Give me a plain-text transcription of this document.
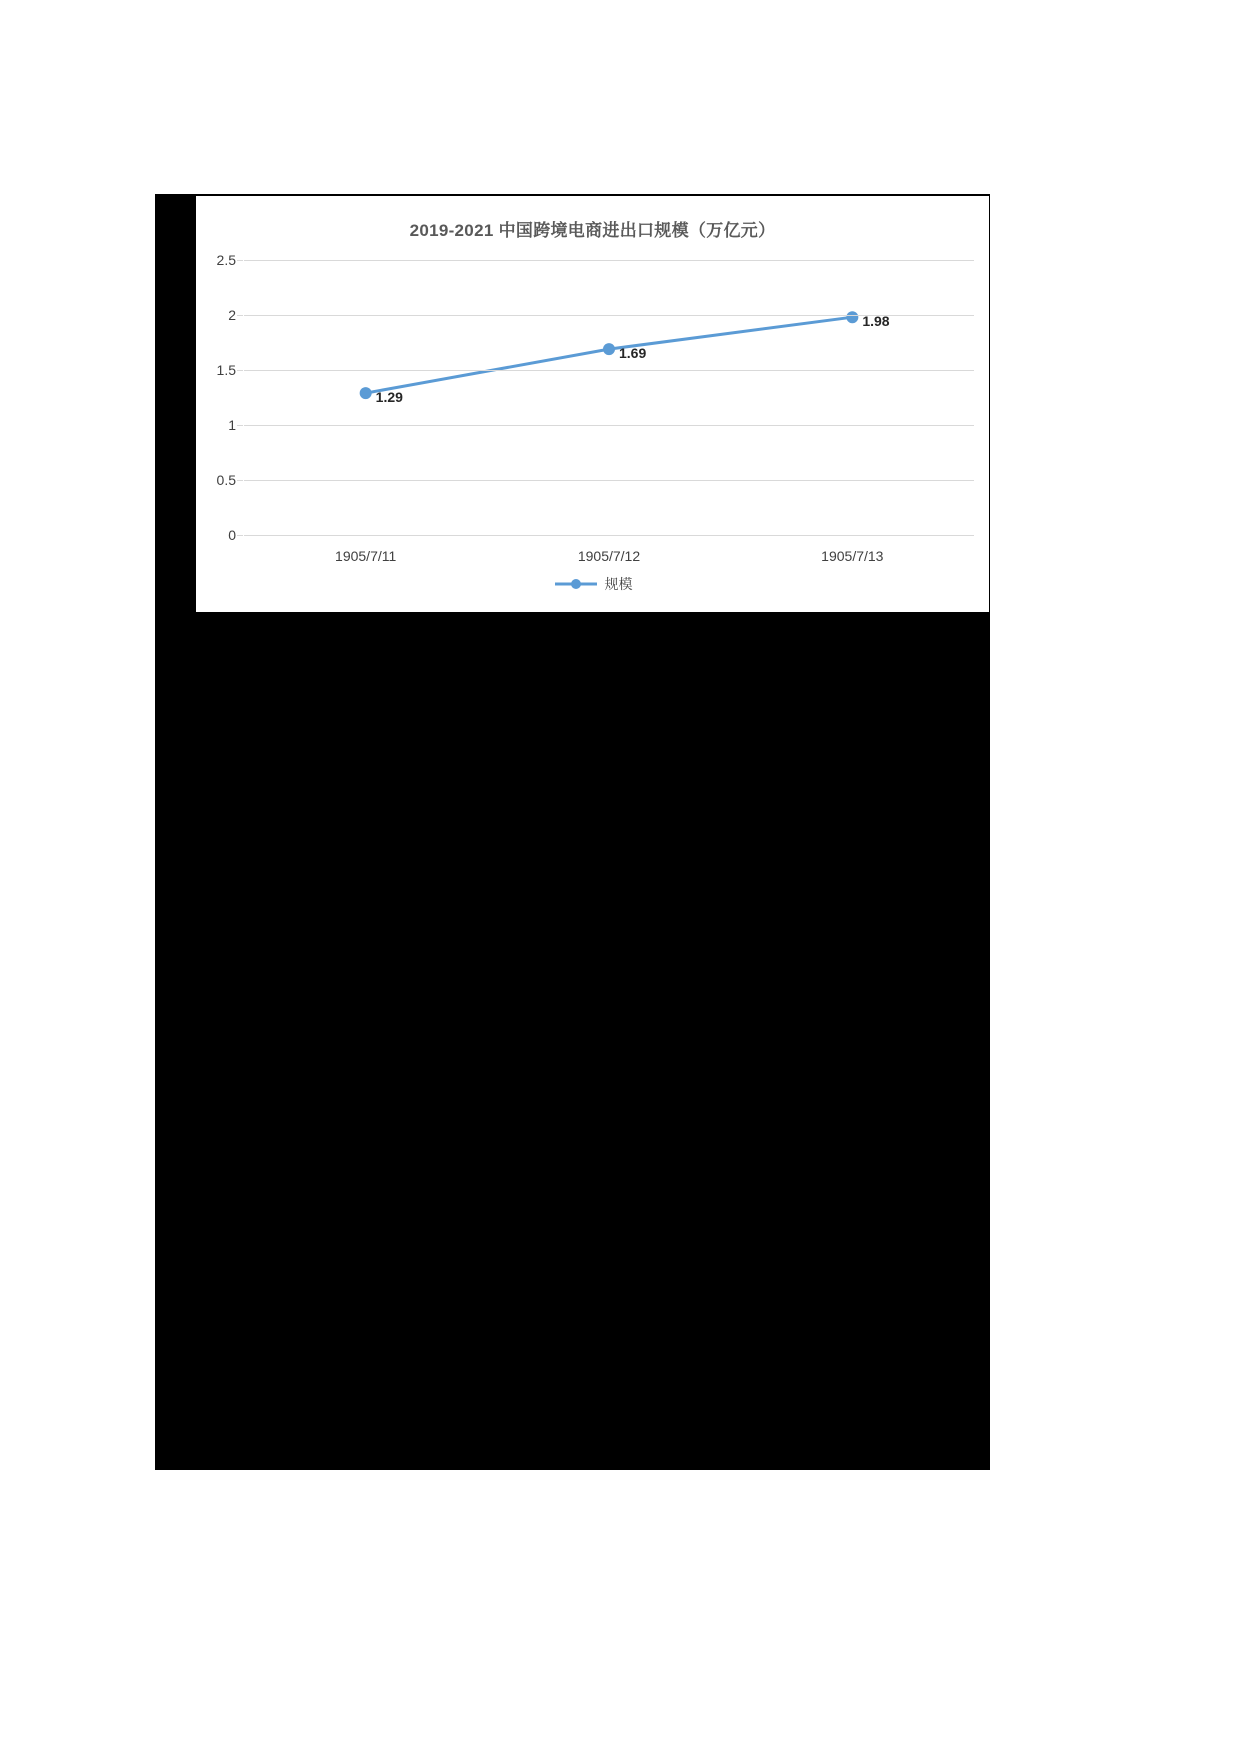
2019-2021 中国跨境电商进出口规模（万亿元）
0
0.5
1
1.5
2
2.5
1905/7/11	1905/7/12	1905/7/13
1.29
1.69
1.98
规模
